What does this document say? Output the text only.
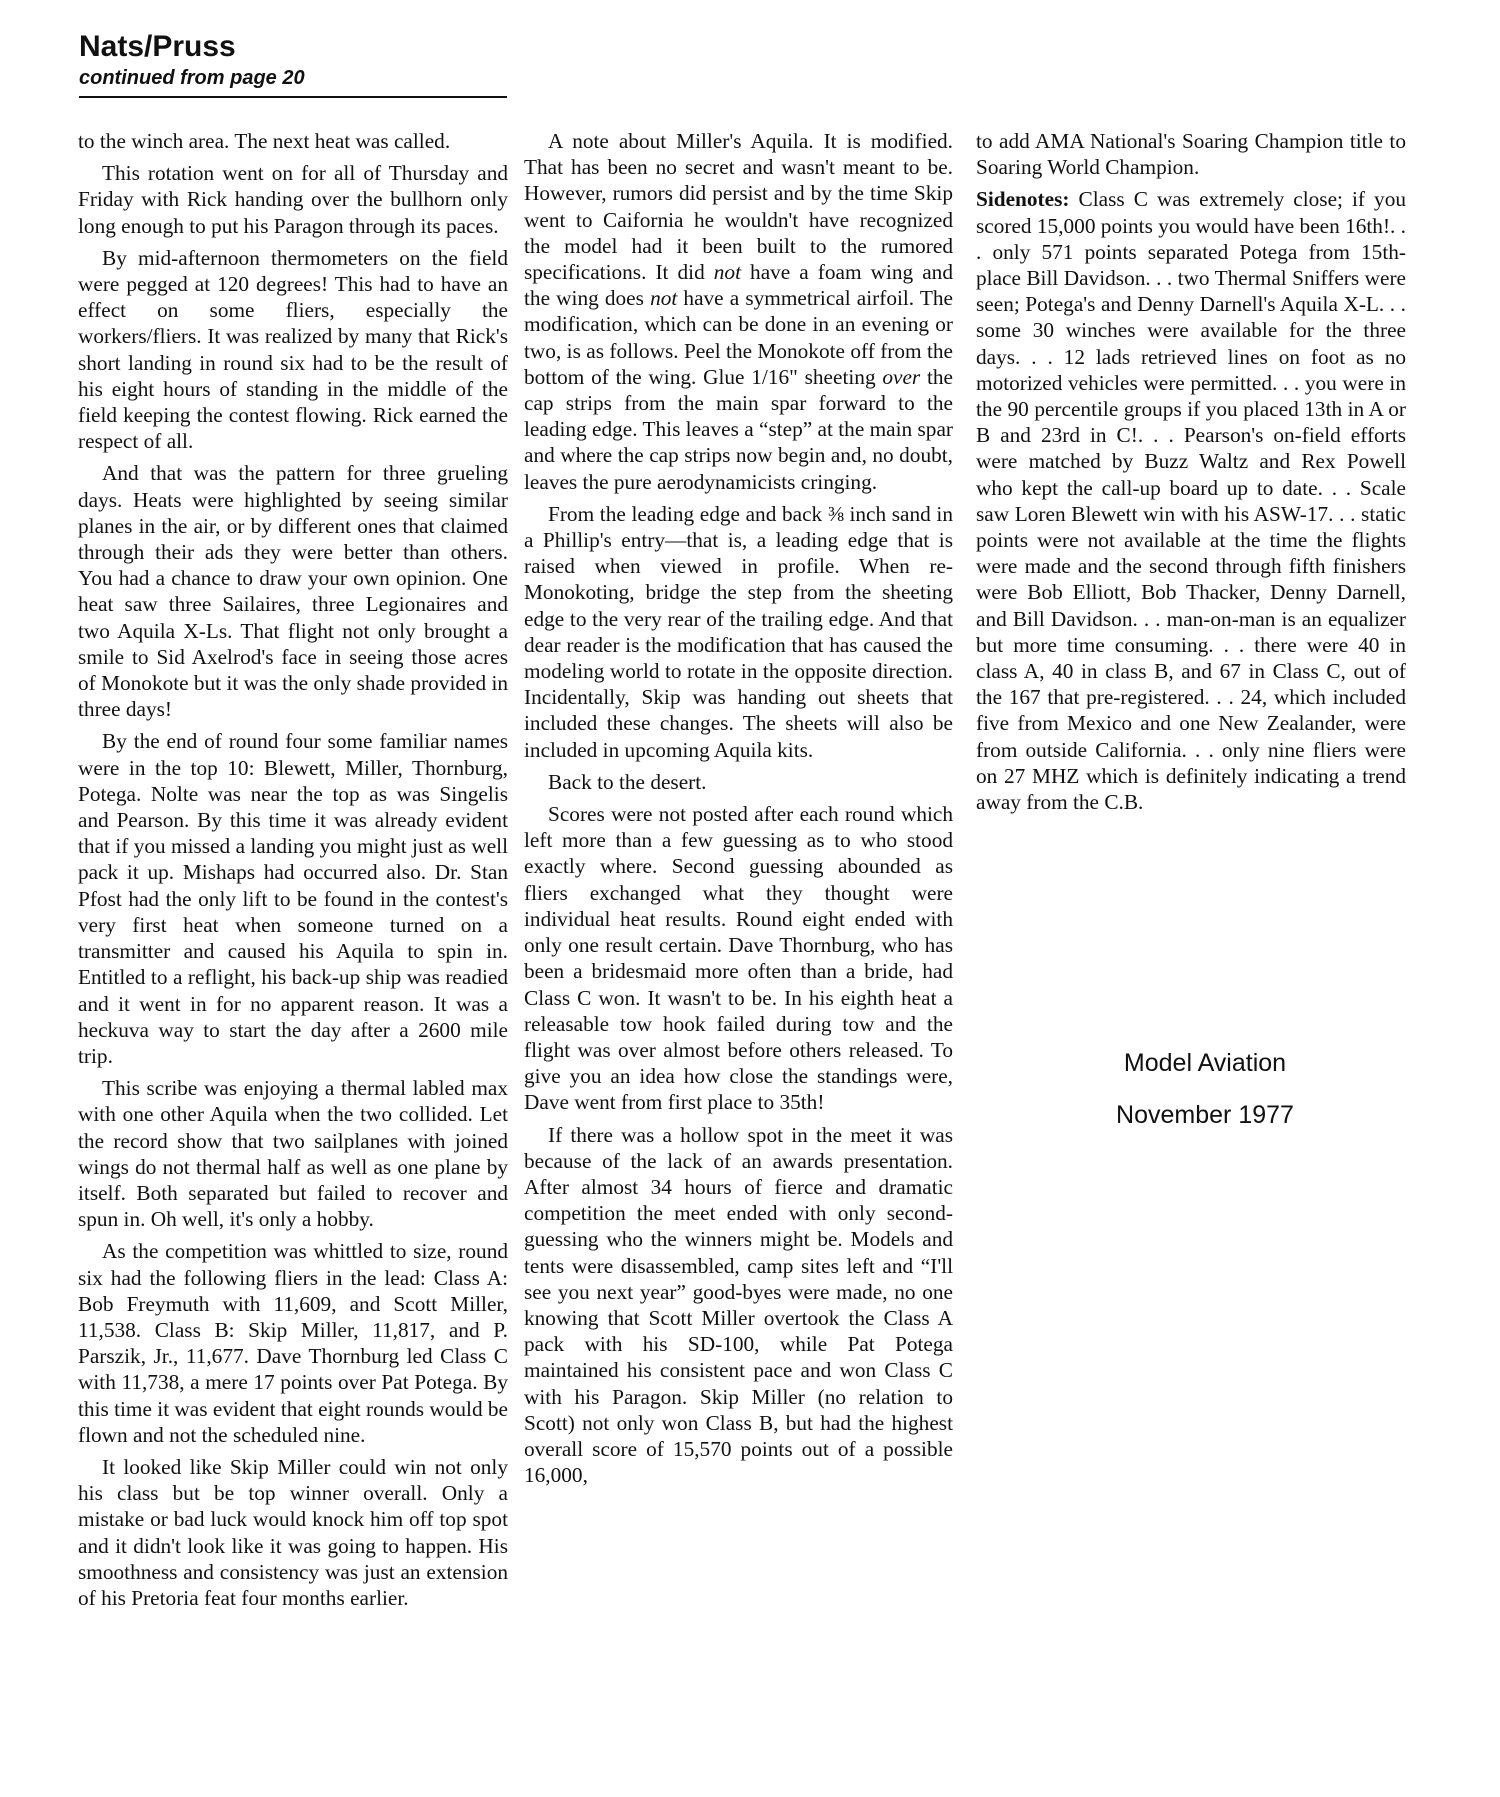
Nats/Pruss
continued from page 20

to the winch area. The next heat was called.

This rotation went on for all of Thursday and Friday with Rick handing over the bullhorn only long enough to put his Paragon through its paces.

By mid-afternoon thermometers on the field were pegged at 120 degrees! This had to have an effect on some fliers, especially the workers/fliers. It was realized by many that Rick's short landing in round six had to be the result of his eight hours of standing in the middle of the field keeping the contest flowing. Rick earned the respect of all.

And that was the pattern for three grueling days. Heats were highlighted by seeing similar planes in the air, or by different ones that claimed through their ads they were better than others. You had a chance to draw your own opinion. One heat saw three Sailaires, three Legionaires and two Aquila X-Ls. That flight not only brought a smile to Sid Axelrod's face in seeing those acres of Monokote but it was the only shade provided in three days!

By the end of round four some familiar names were in the top 10: Blewett, Miller, Thornburg, Potega. Nolte was near the top as was Singelis and Pearson. By this time it was already evident that if you missed a landing you might just as well pack it up. Mishaps had occurred also. Dr. Stan Pfost had the only lift to be found in the contest's very first heat when someone turned on a transmitter and caused his Aquila to spin in. Entitled to a reflight, his back-up ship was readied and it went in for no apparent reason. It was a heckuva way to start the day after a 2600 mile trip.

This scribe was enjoying a thermal labled max with one other Aquila when the two collided. Let the record show that two sailplanes with joined wings do not thermal half as well as one plane by itself. Both separated but failed to recover and spun in. Oh well, it's only a hobby.

As the competition was whittled to size, round six had the following fliers in the lead: Class A: Bob Freymuth with 11,609, and Scott Miller, 11,538. Class B: Skip Miller, 11,817, and P. Parszik, Jr., 11,677. Dave Thornburg led Class C with 11,738, a mere 17 points over Pat Potega. By this time it was evident that eight rounds would be flown and not the scheduled nine.

It looked like Skip Miller could win not only his class but be top winner overall. Only a mistake or bad luck would knock him off top spot and it didn't look like it was going to happen. His smoothness and consistency was just an extension of his Pretoria feat four months earlier.

A note about Miller's Aquila. It is modified. That has been no secret and wasn't meant to be. However, rumors did persist and by the time Skip went to Caifornia he wouldn't have recognized the model had it been built to the rumored specifications. It did not have a foam wing and the wing does not have a symmetrical airfoil. The modification, which can be done in an evening or two, is as follows. Peel the Monokote off from the bottom of the wing. Glue 1/16" sheeting over the cap strips from the main spar forward to the leading edge. This leaves a “step” at the main spar and where the cap strips now begin and, no doubt, leaves the pure aerodynamicists cringing.

From the leading edge and back ⅜ inch sand in a Phillip's entry—that is, a leading edge that is raised when viewed in profile. When re-Monokoting, bridge the step from the sheeting edge to the very rear of the trailing edge. And that dear reader is the modification that has caused the modeling world to rotate in the opposite direction. Incidentally, Skip was handing out sheets that included these changes. The sheets will also be included in upcoming Aquila kits.

Back to the desert.

Scores were not posted after each round which left more than a few guessing as to who stood exactly where. Second guessing abounded as fliers exchanged what they thought were individual heat results. Round eight ended with only one result certain. Dave Thornburg, who has been a bridesmaid more often than a bride, had Class C won. It wasn't to be. In his eighth heat a releasable tow hook failed during tow and the flight was over almost before others released. To give you an idea how close the standings were, Dave went from first place to 35th!

If there was a hollow spot in the meet it was because of the lack of an awards presentation. After almost 34 hours of fierce and dramatic competition the meet ended with only second-guessing who the winners might be. Models and tents were disassembled, camp sites left and “I'll see you next year” good-byes were made, no one knowing that Scott Miller overtook the Class A pack with his SD-100, while Pat Potega maintained his consistent pace and won Class C with his Paragon. Skip Miller (no relation to Scott) not only won Class B, but had the highest overall score of 15,570 points out of a possible 16,000,

to add AMA National's Soaring Champion title to Soaring World Champion.

Sidenotes: Class C was extremely close; if you scored 15,000 points you would have been 16th!. . . only 571 points separated Potega from 15th-place Bill Davidson. . . two Thermal Sniffers were seen; Potega's and Denny Darnell's Aquila X-L. . . some 30 winches were available for the three days. . . 12 lads retrieved lines on foot as no motorized vehicles were permitted. . . you were in the 90 percentile groups if you placed 13th in A or B and 23rd in C!. . . Pearson's on-field efforts were matched by Buzz Waltz and Rex Powell who kept the call-up board up to date. . . Scale saw Loren Blewett win with his ASW-17. . . static points were not available at the time the flights were made and the second through fifth finishers were Bob Elliott, Bob Thacker, Denny Darnell, and Bill Davidson. . . man-on-man is an equalizer but more time consuming. . . there were 40 in class A, 40 in class B, and 67 in Class C, out of the 167 that pre-registered. . . 24, which included five from Mexico and one New Zealander, were from outside California. . . only nine fliers were on 27 MHZ which is definitely indicating a trend away from the C.B.

Model Aviation
November 1977
